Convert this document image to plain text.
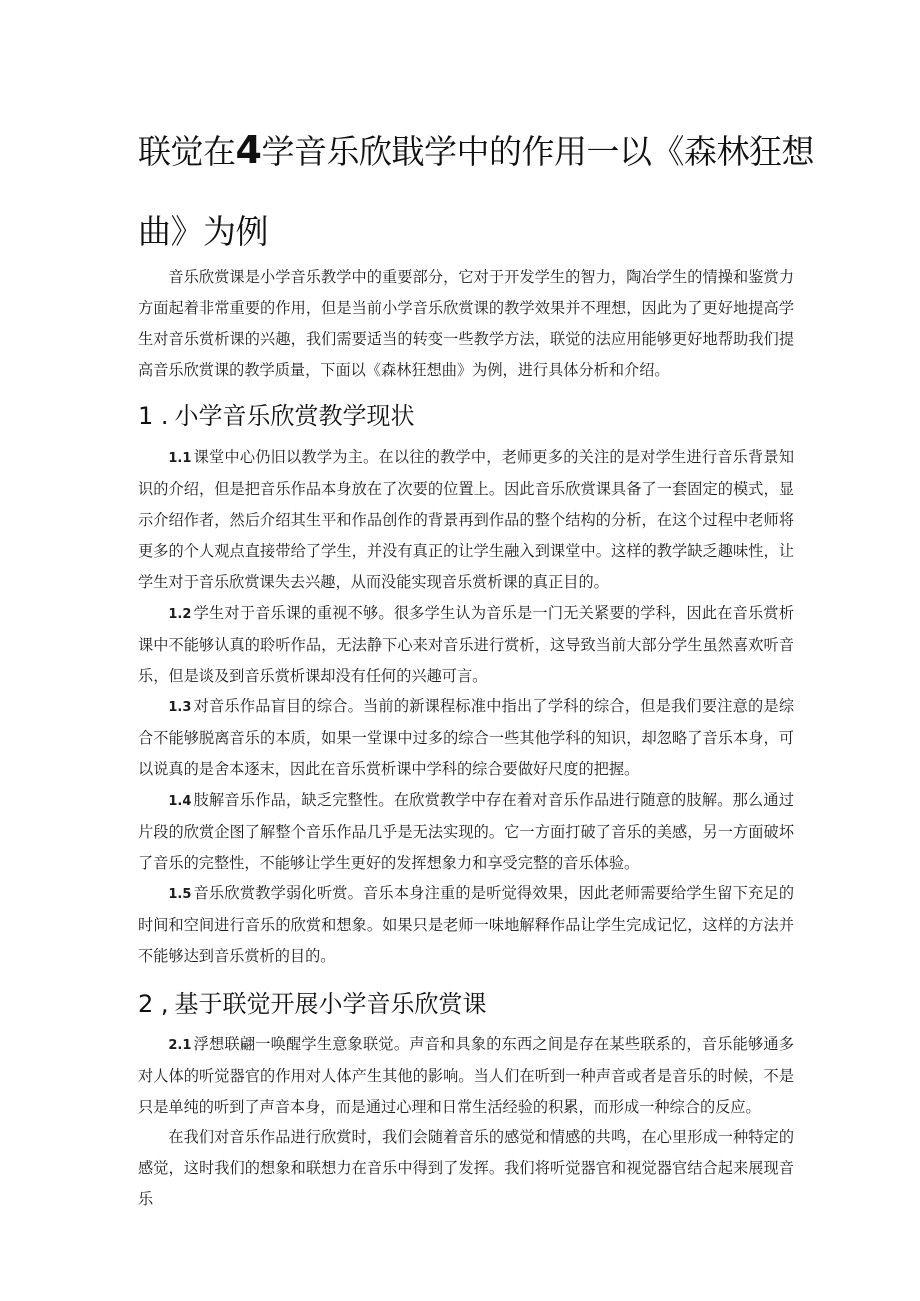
联觉在4学音乐欣戢学中的作用一以《森林狂想
曲》为例

音乐欣赏课是小学音乐教学中的重要部分，它对于开发学生的智力，陶冶学生的情操和鉴赏力方面起着非常重要的作用，但是当前小学音乐欣赏课的教学效果并不理想，因此为了更好地提高学生对音乐赏析课的兴趣，我们需要适当的转变一些教学方法，联觉的法应用能够更好地帮助我们提高音乐欣赏课的教学质量，下面以《森林狂想曲》为例，进行具体分析和介绍。

1 . 小学音乐欣赏教学现状

1.1 课堂中心仍旧以教学为主。在以往的教学中，老师更多的关注的是对学生进行音乐背景知识的介绍，但是把音乐作品本身放在了次要的位置上。因此音乐欣赏课具备了一套固定的模式，显示介绍作者，然后介绍其生平和作品创作的背景再到作品的整个结构的分析，在这个过程中老师将更多的个人观点直接带给了学生，并没有真正的让学生融入到课堂中。这样的教学缺乏趣味性，让学生对于音乐欣赏课失去兴趣，从而没能实现音乐赏析课的真正目的。

1.2 学生对于音乐课的重视不够。很多学生认为音乐是一门无关紧要的学科，因此在音乐赏析课中不能够认真的聆听作品，无法静下心来对音乐进行赏析，这导致当前大部分学生虽然喜欢听音乐，但是谈及到音乐赏析课却没有任何的兴趣可言。

1.3 对音乐作品盲目的综合。当前的新课程标准中指出了学科的综合，但是我们要注意的是综合不能够脱离音乐的本质，如果一堂课中过多的综合一些其他学科的知识，却忽略了音乐本身，可以说真的是舍本逐末，因此在音乐赏析课中学科的综合要做好尺度的把握。

1.4 肢解音乐作品，缺乏完整性。在欣赏教学中存在着对音乐作品进行随意的肢解。那么通过片段的欣赏企图了解整个音乐作品几乎是无法实现的。它一方面打破了音乐的美感，另一方面破坏了音乐的完整性，不能够让学生更好的发挥想象力和享受完整的音乐体验。

1.5 音乐欣赏教学弱化听赏。音乐本身注重的是听觉得效果，因此老师需要给学生留下充足的时间和空间进行音乐的欣赏和想象。如果只是老师一味地解释作品让学生完成记忆，这样的方法并不能够达到音乐赏析的目的。

2 , 基于联觉开展小学音乐欣赏课

2.1 浮想联翩一唤醒学生意象联觉。声音和具象的东西之间是存在某些联系的，音乐能够通多对人体的听觉器官的作用对人体产生其他的影响。当人们在听到一种声音或者是音乐的时候，不是只是单纯的听到了声音本身，而是通过心理和日常生活经验的积累，而形成一种综合的反应。

在我们对音乐作品进行欣赏时，我们会随着音乐的感觉和情感的共鸣，在心里形成一种特定的感觉，这时我们的想象和联想力在音乐中得到了发挥。我们将听觉器官和视觉器官结合起来展现音乐
